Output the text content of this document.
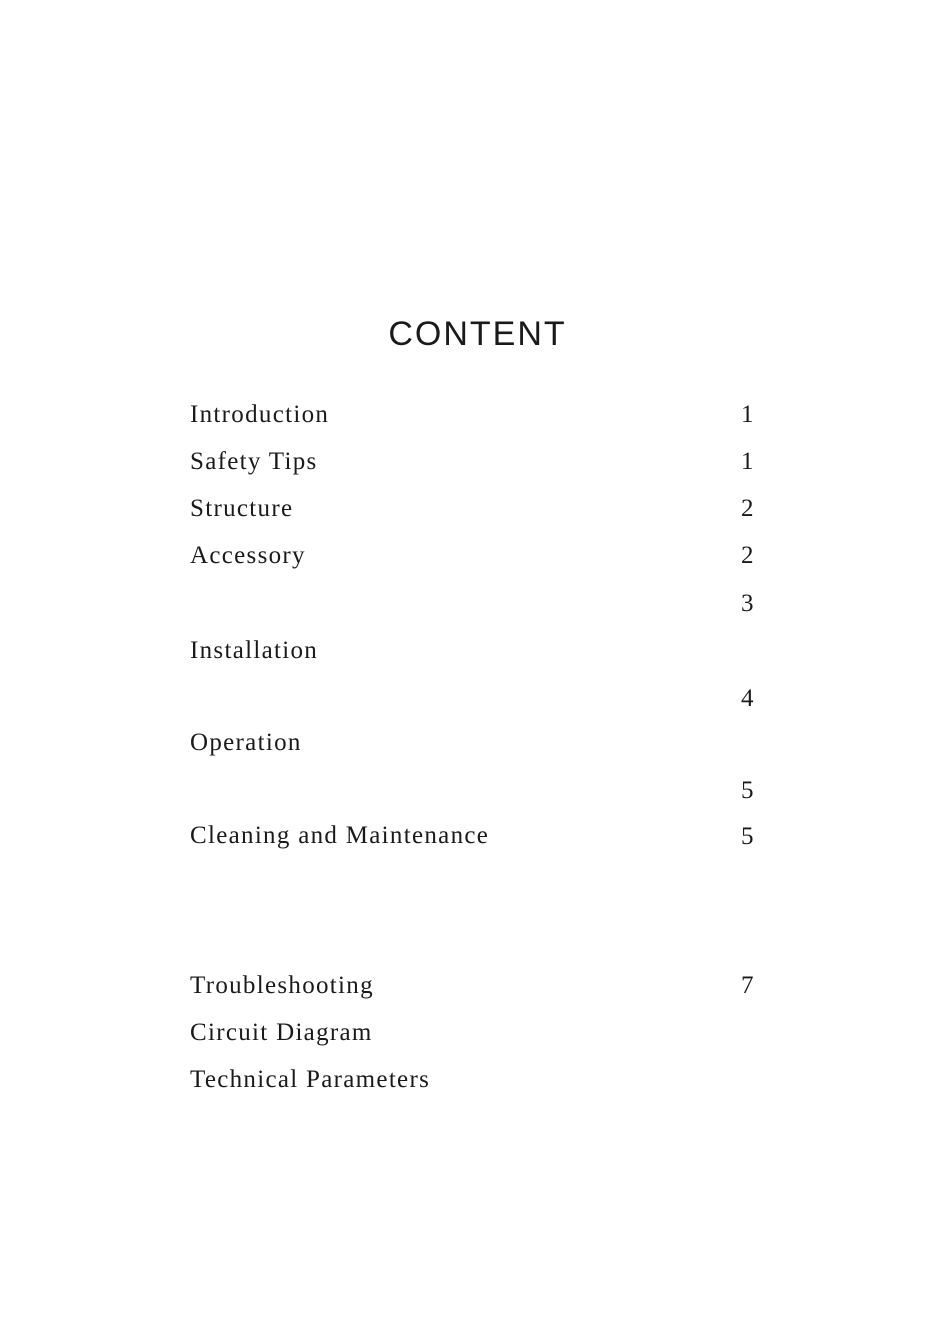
CONTENT
Introduction
Safety Tips
Structure
Accessory
Installation
Operation
Cleaning and Maintenance
Troubleshooting
Circuit Diagram
Technical Parameters
1
1
2
2
3
4
5
5
7
